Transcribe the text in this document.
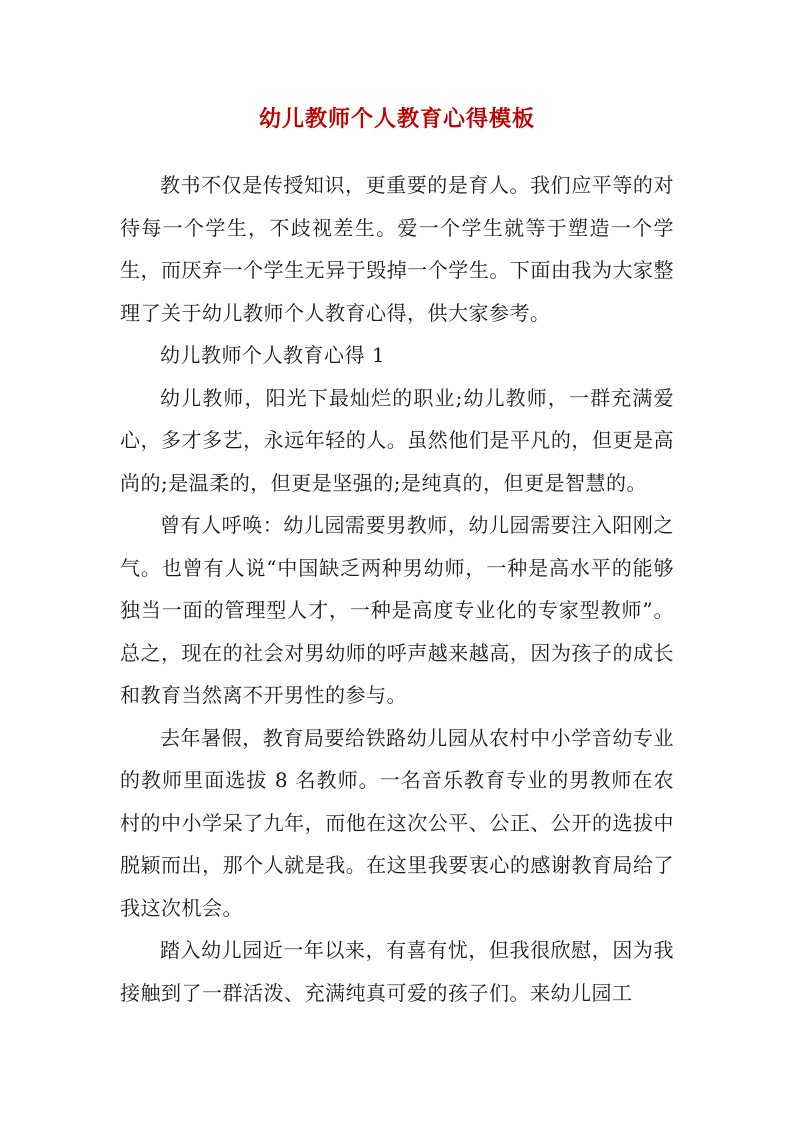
幼儿教师个人教育心得模板

教书不仅是传授知识，更重要的是育人。我们应平等的对待每一个学生，不歧视差生。爱一个学生就等于塑造一个学生，而厌弃一个学生无异于毁掉一个学生。下面由我为大家整理了关于幼儿教师个人教育心得，供大家参考。

幼儿教师个人教育心得 1

幼儿教师，阳光下最灿烂的职业;幼儿教师，一群充满爱心，多才多艺，永远年轻的人。虽然他们是平凡的，但更是高尚的;是温柔的，但更是坚强的;是纯真的，但更是智慧的。

曾有人呼唤：幼儿园需要男教师，幼儿园需要注入阳刚之气。也曾有人说“中国缺乏两种男幼师，一种是高水平的能够独当一面的管理型人才，一种是高度专业化的专家型教师”。总之，现在的社会对男幼师的呼声越来越高，因为孩子的成长和教育当然离不开男性的参与。

去年暑假，教育局要给铁路幼儿园从农村中小学音幼专业的教师里面选拔 8 名教师。一名音乐教育专业的男教师在农村的中小学呆了九年，而他在这次公平、公正、公开的选拔中脱颖而出，那个人就是我。在这里我要衷心的感谢教育局给了我这次机会。

踏入幼儿园近一年以来，有喜有忧，但我很欣慰，因为我接触到了一群活泼、充满纯真可爱的孩子们。来幼儿园工
